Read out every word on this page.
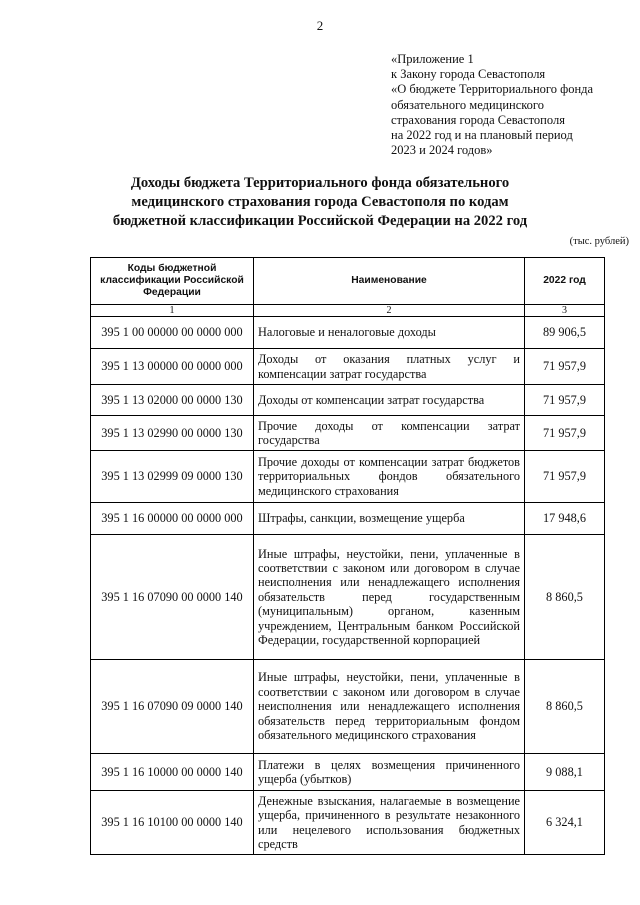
2
«Приложение 1
к Закону города Севастополя
«О бюджете Территориального фонда
обязательного медицинского
страхования города Севастополя
на 2022 год и на плановый период
2023 и 2024 годов»
Доходы бюджета Территориального фонда обязательного
медицинского страхования города Севастополя по кодам
бюджетной классификации Российской Федерации на 2022 год
(тыс. рублей)
Коды бюджетной классификации Российской Федерации	Наименование	2022 год
1	2	3
395 1 00 00000 00 0000 000	Налоговые и неналоговые доходы	89 906,5
395 1 13 00000 00 0000 000	Доходы от оказания платных услуг и компенсации затрат государства	71 957,9
395 1 13 02000 00 0000 130	Доходы от компенсации затрат государства	71 957,9
395 1 13 02990 00 0000 130	Прочие доходы от компенсации затрат государства	71 957,9
395 1 13 02999 09 0000 130	Прочие доходы от компенсации затрат бюджетов территориальных фондов обязательного медицинского страхования	71 957,9
395 1 16 00000 00 0000 000	Штрафы, санкции, возмещение ущерба	17 948,6
395 1 16 07090 00 0000 140	Иные штрафы, неустойки, пени, уплаченные в соответствии с законом или договором в случае неисполнения или ненадлежащего исполнения обязательств перед государственным (муниципальным) органом, казенным учреждением, Центральным банком Российской Федерации, государственной корпорацией	8 860,5
395 1 16 07090 09 0000 140	Иные штрафы, неустойки, пени, уплаченные в соответствии с законом или договором в случае неисполнения или ненадлежащего исполнения обязательств перед территориальным фондом обязательного медицинского страхования	8 860,5
395 1 16 10000 00 0000 140	Платежи в целях возмещения причиненного ущерба (убытков)	9 088,1
395 1 16 10100 00 0000 140	Денежные взыскания, налагаемые в возмещение ущерба, причиненного в результате незаконного или нецелевого использования бюджетных средств	6 324,1
